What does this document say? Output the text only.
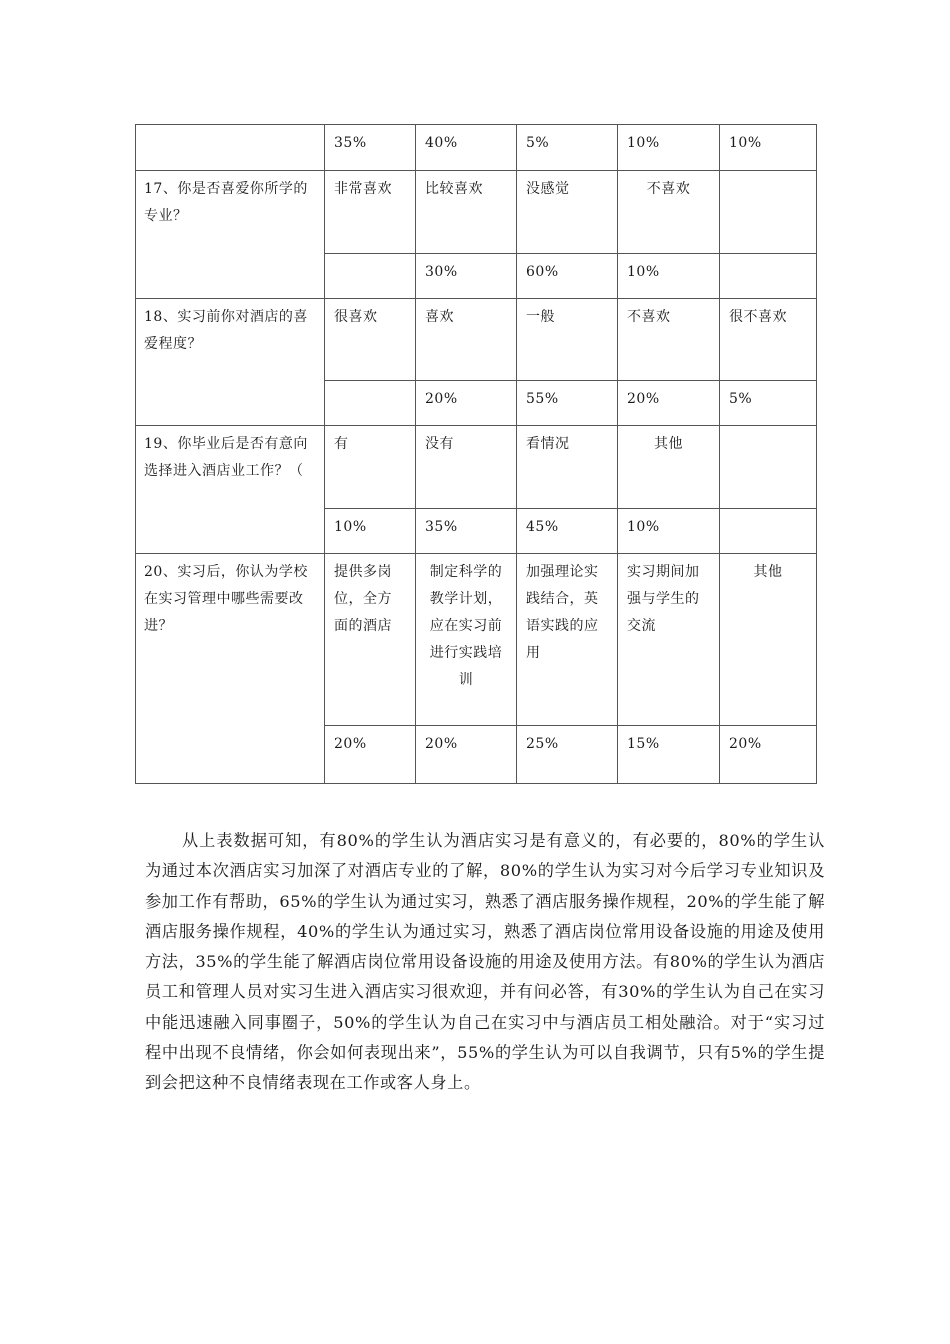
	35%	40%	5%	10%	10%
17、你是否喜爱你所学的专业？	非常喜欢	比较喜欢	没感觉	不喜欢	
		30%	60%	10%	
18、实习前你对酒店的喜爱程度？	很喜欢	喜欢	一般	不喜欢	很不喜欢
		20%	55%	20%	5%
19、你毕业后是否有意向选择进入酒店业工作？（	有	没有	看情况	其他	
	10%	35%	45%	10%	
20、实习后，你认为学校在实习管理中哪些需要改进？	提供多岗位，全方面的酒店	制定科学的教学计划，应在实习前进行实践培训	加强理论实践结合，英语实践的应用	实习期间加强与学生的交流	其他
	20%	20%	25%	15%	20%

从上表数据可知，有80%的学生认为酒店实习是有意义的，有必要的，80%的学生认为通过本次酒店实习加深了对酒店专业的了解，80%的学生认为实习对今后学习专业知识及参加工作有帮助，65%的学生认为通过实习，熟悉了酒店服务操作规程，20%的学生能了解酒店服务操作规程，40%的学生认为通过实习，熟悉了酒店岗位常用设备设施的用途及使用方法，35%的学生能了解酒店岗位常用设备设施的用途及使用方法。有80%的学生认为酒店员工和管理人员对实习生进入酒店实习很欢迎，并有问必答，有30%的学生认为自己在实习中能迅速融入同事圈子，50%的学生认为自己在实习中与酒店员工相处融洽。对于“实习过程中出现不良情绪，你会如何表现出来”，55%的学生认为可以自我调节，只有5%的学生提到会把这种不良情绪表现在工作或客人身上。
